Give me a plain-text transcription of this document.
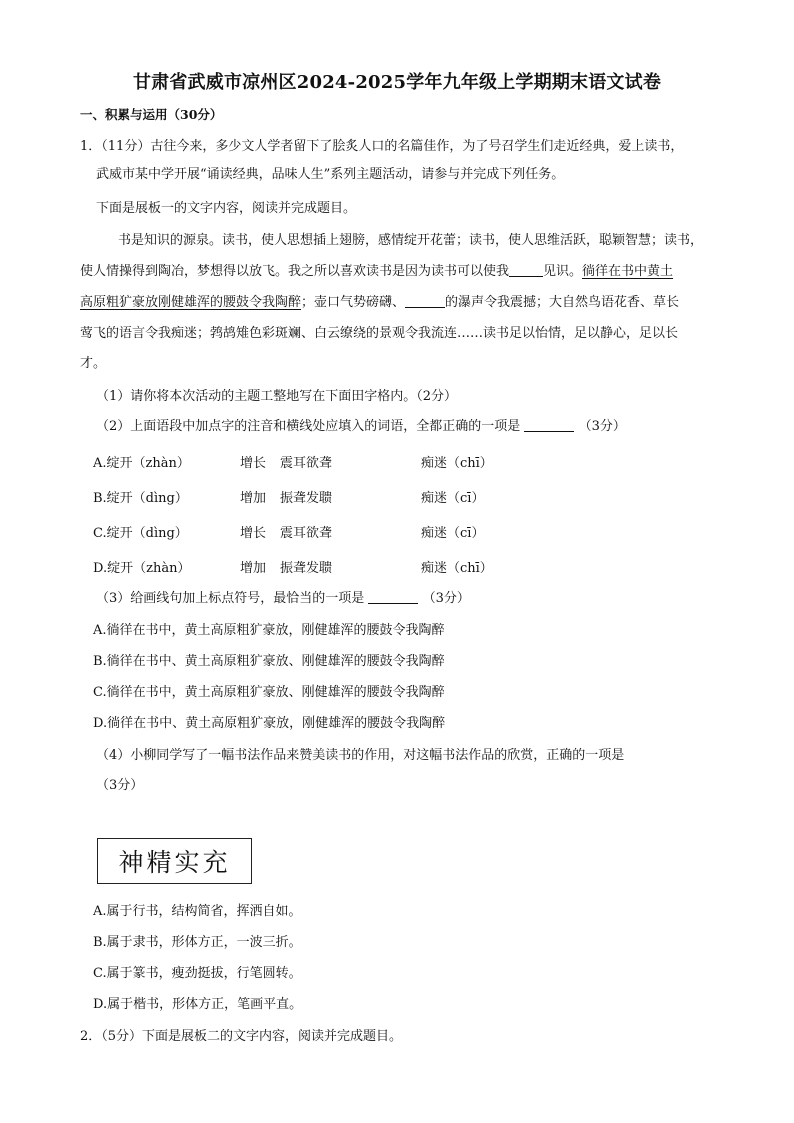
甘肃省武威市凉州区2024-2025学年九年级上学期期末语文试卷
一、积累与运用（30分）
1．（11分）古往今来，多少文人学者留下了脍炙人口的名篇佳作，为了号召学生们走近经典，爱上读书，
武威市某中学开展“诵读经典，品味人生”系列主题活动，请参与并完成下列任务。
下面是展板一的文字内容，阅读并完成题目。
书是知识的源泉。读书，使人思想插上翅膀，感情绽开花蕾；读书，使人思维活跃，聪颖智慧；读书，
使人情操得到陶冶，梦想得以放飞。我之所以喜欢读书是因为读书可以使我	见识。徜徉在书中黄土
高原粗犷豪放刚健雄浑的腰鼓令我陶醉；壶口气势磅礴、	的瀑声令我震撼；大自然鸟语花香、草长
莺飞的语言令我痴迷；鹁鸪雉色彩斑斓、白云缭绕的景观令我流连……读书足以怡情，足以静心，足以长
才。
（1）请你将本次活动的主题工整地写在下面田字格内。（2分）
（2）上面语段中加点字的注音和横线处应填入的词语，全都正确的一项是	（3分）
A.绽开（zhàn）	增长 震耳欲聋	痴迷（chī）
B.绽开（dìng）	增加 振聋发聩	痴迷（cī）
C.绽开（dìng）	增长 震耳欲聋	痴迷（cī）
D.绽开（zhàn）	增加 振聋发聩	痴迷（chī）
（3）给画线句加上标点符号，最恰当的一项是	（3分）
A.徜徉在书中，黄土高原粗犷豪放，刚健雄浑的腰鼓令我陶醉
B.徜徉在书中、黄土高原粗犷豪放、刚健雄浑的腰鼓令我陶醉
C.徜徉在书中，黄土高原粗犷豪放、刚健雄浑的腰鼓令我陶醉
D.徜徉在书中、黄土高原粗犷豪放，刚健雄浑的腰鼓令我陶醉
（4）小柳同学写了一幅书法作品来赞美读书的作用，对这幅书法作品的欣赏，正确的一项是
（3分）
神精实充
A.属于行书，结构简省，挥洒自如。
B.属于隶书，形体方正，一波三折。
C.属于篆书，瘦劲挺拔，行笔圆转。
D.属于楷书，形体方正，笔画平直。
2．（5分）下面是展板二的文字内容，阅读并完成题目。
